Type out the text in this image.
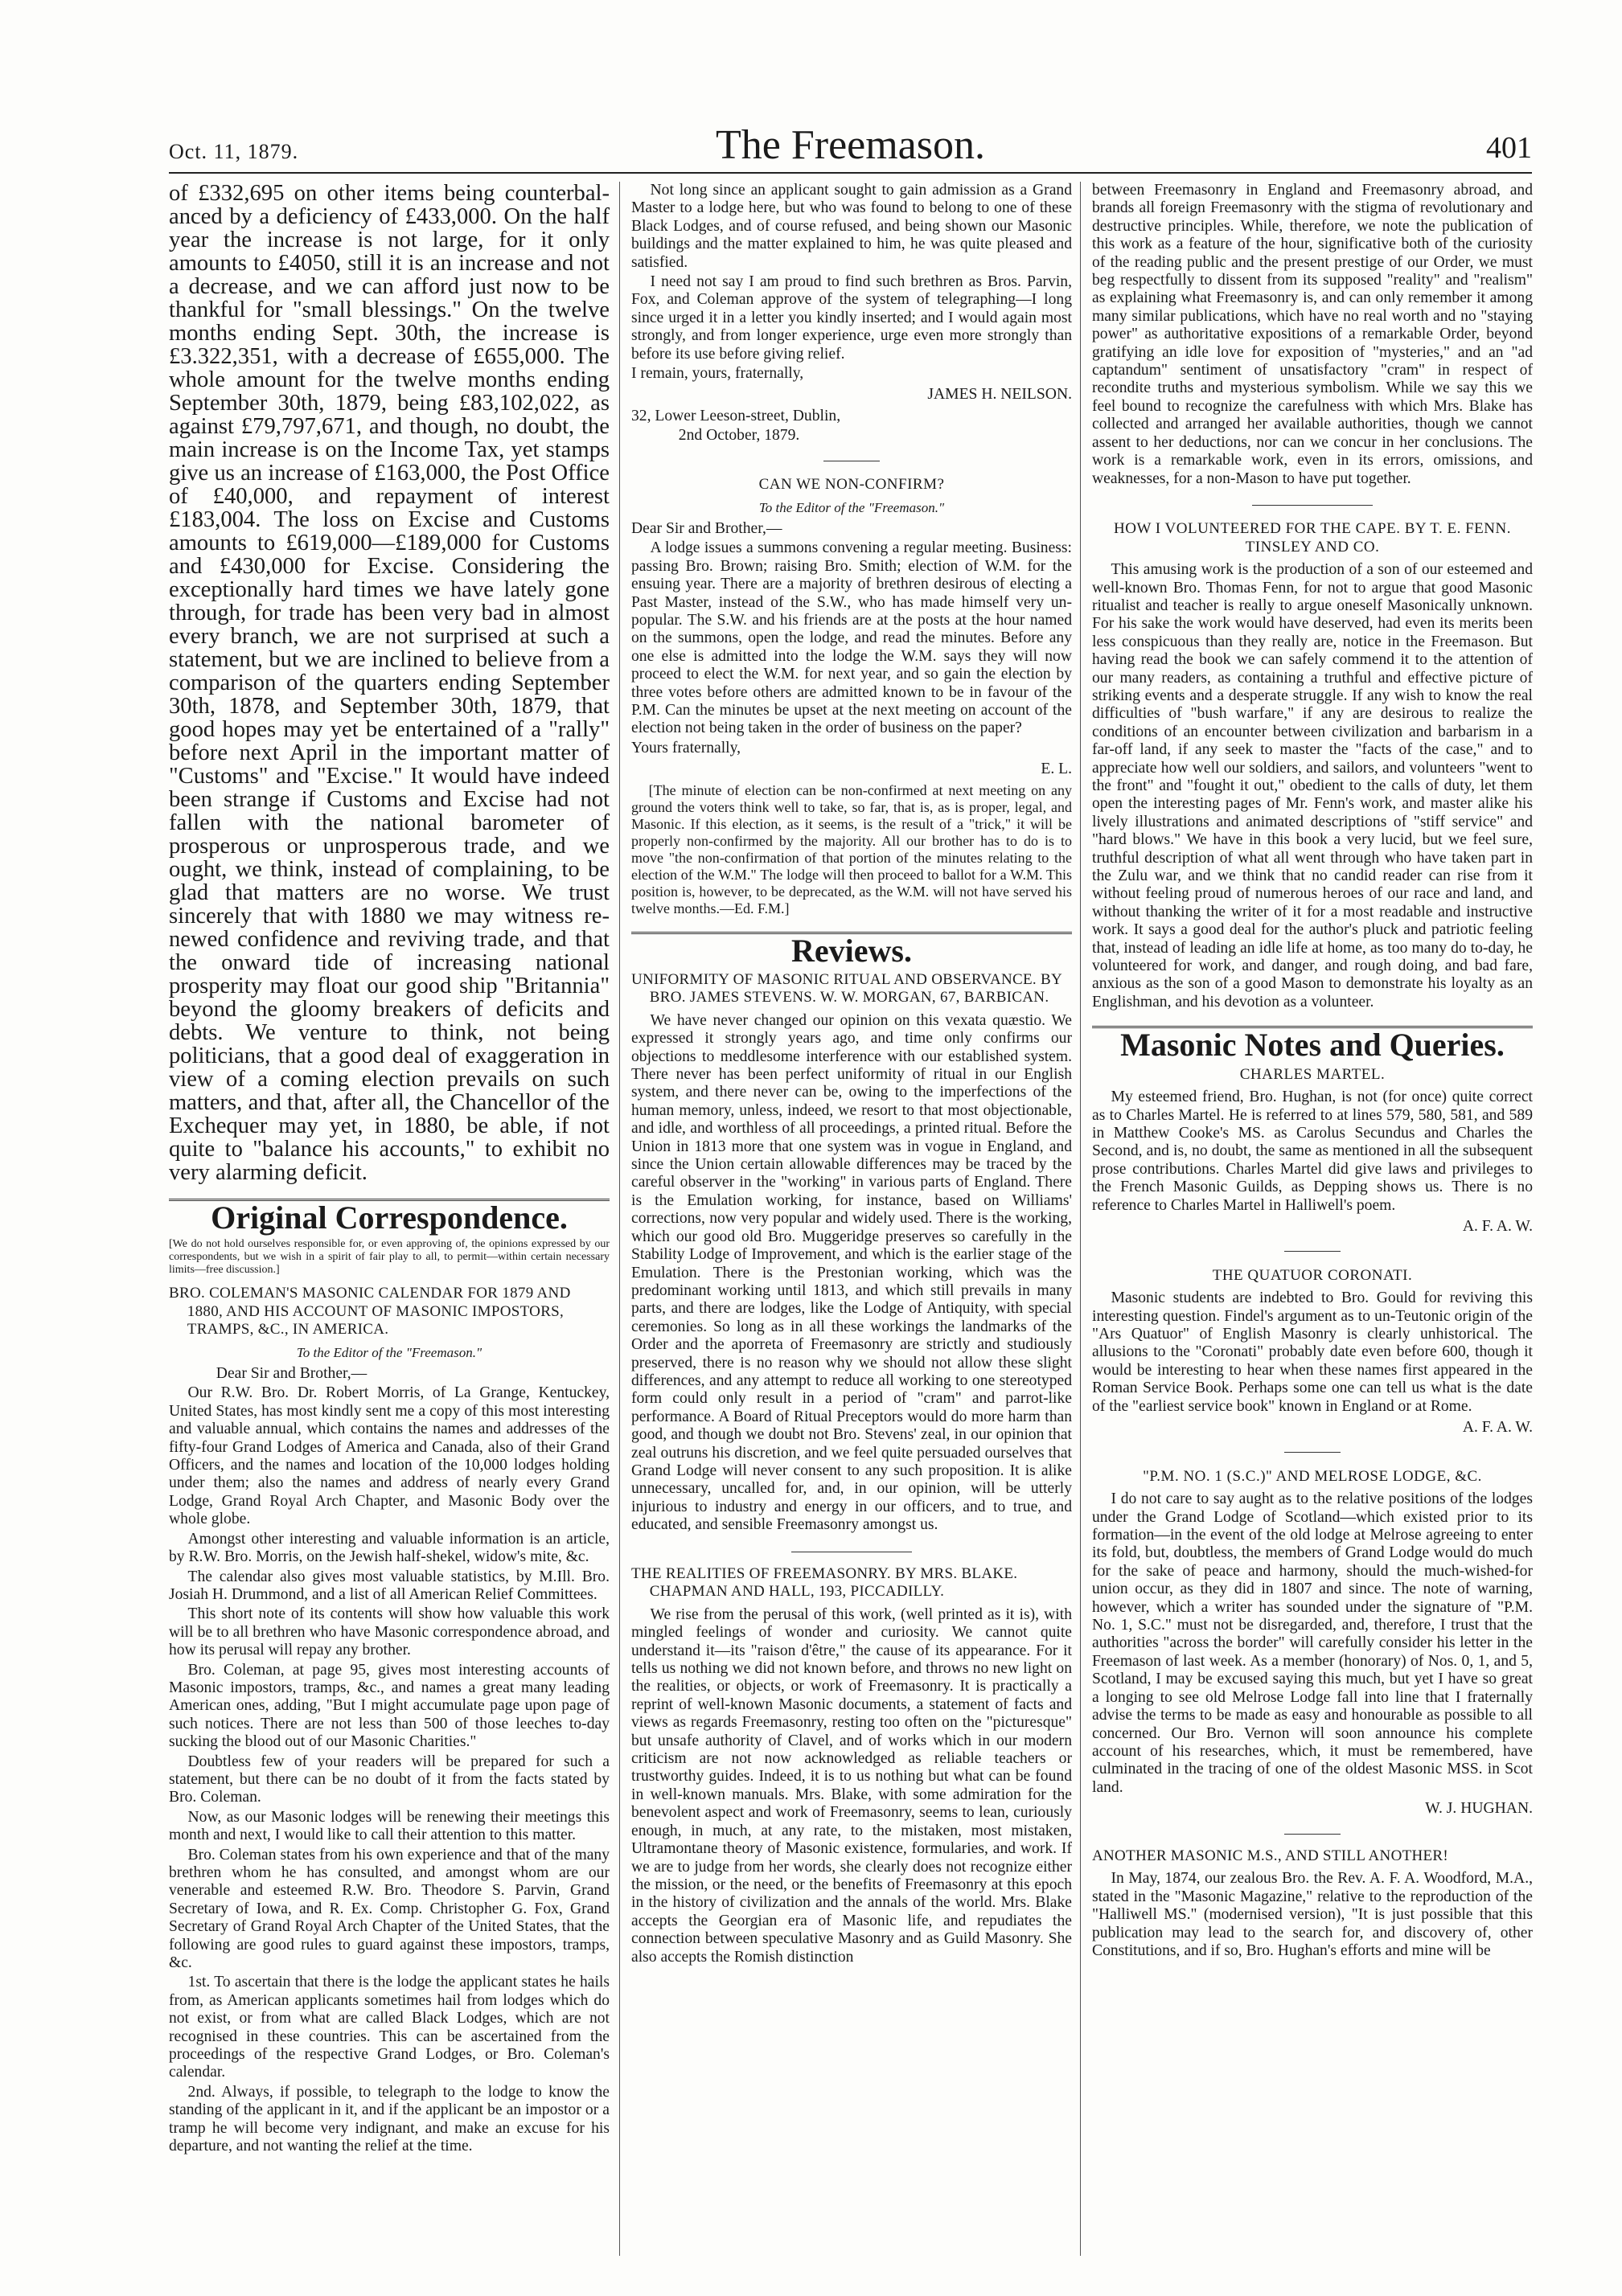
Oct. 11, 1879.	The Freemason.	401

of £332,695 on other items being counterbalanced by a deficiency of £433,000. On the half year the increase is not large, for it only amounts to £4050, still it is an increase and not a decrease, and we can afford just now to be thankful for "small blessings." On the twelve months ending Sept. 30th, the increase is £3.322,351, with a decrease of £655,000. The whole amount for the twelve months ending September 30th, 1879, being £83,102,022, as against £79,797,671, and though, no doubt, the main increase is on the Income Tax, yet stamps give us an increase of £163,000, the Post Office of £40,000, and repayment of interest £183,004. The loss on Excise and Customs amounts to £619,000—£189,000 for Customs and £430,000 for Excise. Considering the exceptionally hard times we have lately gone through, for trade has been very bad in almost every branch, we are not surprised at such a statement, but we are inclined to believe from a comparison of the quarters ending September 30th, 1878, and September 30th, 1879, that good hopes may yet be entertained of a "rally" before next April in the important matter of "Customs" and "Excise." It would have indeed been strange if Customs and Excise had not fallen with the national barometer of prosperous or unprosperous trade, and we ought, we think, instead of complaining, to be glad that matters are no worse. We trust sincerely that with 1880 we may witness renewed confidence and reviving trade, and that the onward tide of increasing national prosperity may float our good ship "Britannia" beyond the gloomy breakers of deficits and debts. We venture to think, not being politicians, that a good deal of exaggeration in view of a coming election prevails on such matters, and that, after all, the Chancellor of the Exchequer may yet, in 1880, be able, if not quite to "balance his accounts," to exhibit no very alarming deficit.

Original Correspondence.
[We do not hold ourselves responsible for, or even approving of, the opinions expressed by our correspondents, but we wish in a spirit of fair play to all, to permit—within certain necessary limits—free discussion.]
BRO. COLEMAN'S MASONIC CALENDAR FOR 1879 AND 1880, AND HIS ACCOUNT OF MASONIC IMPOSTORS, TRAMPS, &C., IN AMERICA.
To the Editor of the "Freemason."

Dear Sir and Brother,—

Our R.W. Bro. Dr. Robert Morris, of La Grange, Kentuckey, United States, has most kindly sent me a copy of this most interesting and valuable annual, which contains the names and addresses of the fifty-four Grand Lodges of America and Canada, also of their Grand Officers, and the names and location of the 10,000 lodges holding under them; also the names and address of nearly every Grand Lodge, Grand Royal Arch Chapter, and Masonic Body over the whole globe.

Amongst other interesting and valuable information is an article, by R.W. Bro. Morris, on the Jewish half-shekel, widow's mite, &c.

The calendar also gives most valuable statistics, by M.Ill. Bro. Josiah H. Drummond, and a list of all American Relief Committees.

This short note of its contents will show how valuable this work will be to all brethren who have Masonic correspondence abroad, and how its perusal will repay any brother.

Bro. Coleman, at page 95, gives most interesting accounts of Masonic impostors, tramps, &c., and names a great many leading American ones, adding, "But I might accumulate page upon page of such notices. There are not less than 500 of those leeches to-day sucking the blood out of our Masonic Charities."

Doubtless few of your readers will be prepared for such a statement, but there can be no doubt of it from the facts stated by Bro. Coleman.

Now, as our Masonic lodges will be renewing their meetings this month and next, I would like to call their attention to this matter.

Bro. Coleman states from his own experience and that of the many brethren whom he has consulted, and amongst whom are our venerable and esteemed R.W. Bro. Theodore S. Parvin, Grand Secretary of Iowa, and R. Ex. Comp. Christopher G. Fox, Grand Secretary of Grand Royal Arch Chapter of the United States, that the following are good rules to guard against these impostors, tramps, &c.

1st. To ascertain that there is the lodge the applicant states he hails from, as American applicants sometimes hail from lodges which do not exist, or from what are called Black Lodges, which are not recognised in these countries. This can be ascertained from the proceedings of the respective Grand Lodges, or Bro. Coleman's calendar.

2nd. Always, if possible, to telegraph to the lodge to know the standing of the applicant in it, and if the applicant be an impostor or a tramp he will become very indignant, and make an excuse for his departure, and not wanting the relief at the time.

Not long since an applicant sought to gain admission as a Grand Master to a lodge here, but who was found to belong to one of these Black Lodges, and of course refused, and being shown our Masonic buildings and the matter explained to him, he was quite pleased and satisfied.

I need not say I am proud to find such brethren as Bros. Parvin, Fox, and Coleman approve of the system of telegraphing—I long since urged it in a letter you kindly inserted; and I would again most strongly, and from longer experience, urge even more strongly than before its use before giving relief.

I remain, yours, fraternally,

JAMES H. NEILSON.

32, Lower Leeson-street, Dublin,

2nd October, 1879.

CAN WE NON-CONFIRM?
To the Editor of the "Freemason."

Dear Sir and Brother,—

A lodge issues a summons convening a regular meeting. Business: passing Bro. Brown; raising Bro. Smith; election of W.M. for the ensuing year. There are a majority of brethren desirous of electing a Past Master, instead of the S.W., who has made himself very unpopular. The S.W. and his friends are at the posts at the hour named on the summons, open the lodge, and read the minutes. Before any one else is admitted into the lodge the W.M. says they will now proceed to elect the W.M. for next year, and so gain the election by three votes before others are admitted known to be in favour of the P.M. Can the minutes be upset at the next meeting on account of the election not being taken in the order of business on the paper?

Yours fraternally,

E. L.

[The minute of election can be non-confirmed at next meeting on any ground the voters think well to take, so far, that is, as is proper, legal, and Masonic. If this election, as it seems, is the result of a "trick," it will be properly non-confirmed by the majority. All our brother has to do is to move "the non-confirmation of that portion of the minutes relating to the election of the W.M." The lodge will then proceed to ballot for a W.M. This position is, however, to be deprecated, as the W.M. will not have served his twelve months.—Ed. F.M.]

Reviews.
UNIFORMITY OF MASONIC RITUAL AND OBSERVANCE. BY BRO. JAMES STEVENS. W. W. MORGAN, 67, BARBICAN.

We have never changed our opinion on this vexata quæstio. We expressed it strongly years ago, and time only confirms our objections to meddlesome interference with our established system. There never has been perfect uniformity of ritual in our English system, and there never can be, owing to the imperfections of the human memory, unless, indeed, we resort to that most objectionable, and idle, and worthless of all proceedings, a printed ritual. Before the Union in 1813 more that one system was in vogue in England, and since the Union certain allowable differences may be traced by the careful observer in the "working" in various parts of England. There is the Emulation working, for instance, based on Williams' corrections, now very popular and widely used. There is the working, which our good old Bro. Muggeridge preserves so carefully in the Stability Lodge of Improvement, and which is the earlier stage of the Emulation. There is the Prestonian working, which was the predominant working until 1813, and which still prevails in many parts, and there are lodges, like the Lodge of Antiquity, with special ceremonies. So long as in all these workings the landmarks of the Order and the aporreta of Freemasonry are strictly and studiously preserved, there is no reason why we should not allow these slight differences, and any attempt to reduce all working to one stereotyped form could only result in a period of "cram" and parrot-like performance. A Board of Ritual Preceptors would do more harm than good, and though we doubt not Bro. Stevens' zeal, in our opinion that zeal outruns his discretion, and we feel quite persuaded ourselves that Grand Lodge will never consent to any such proposition. It is alike unnecessary, uncalled for, and, in our opinion, will be utterly injurious to industry and energy in our officers, and to true, and educated, and sensible Freemasonry amongst us.

THE REALITIES OF FREEMASONRY. BY MRS. BLAKE. CHAPMAN AND HALL, 193, PICCADILLY.

We rise from the perusal of this work, (well printed as it is), with mingled feelings of wonder and curiosity. We cannot quite understand it—its "raison d'être," the cause of its appearance. For it tells us nothing we did not known before, and throws no new light on the realities, or objects, or work of Freemasonry. It is practically a reprint of well-known Masonic documents, a statement of facts and views as regards Freemasonry, resting too often on the "picturesque" but unsafe authority of Clavel, and of works which in our modern criticism are not now acknowledged as reliable teachers or trustworthy guides. Indeed, it is to us nothing but what can be found in well-known manuals. Mrs. Blake, with some admiration for the benevolent aspect and work of Freemasonry, seems to lean, curiously enough, in much, at any rate, to the mistaken, most mistaken, Ultramontane theory of Masonic existence, formularies, and work. If we are to judge from her words, she clearly does not recognize either the mission, or the need, or the benefits of Freemasonry at this epoch in the history of civilization and the annals of the world. Mrs. Blake accepts the Georgian era of Masonic life, and repudiates the connection between speculative Masonry and as Guild Masonry. She also accepts the Romish distinction

between Freemasonry in England and Freemasonry abroad, and brands all foreign Freemasonry with the stigma of revolutionary and destructive principles. While, therefore, we note the publication of this work as a feature of the hour, significative both of the curiosity of the reading public and the present prestige of our Order, we must beg respectfully to dissent from its supposed "reality" and "realism" as explaining what Freemasonry is, and can only remember it among many similar publications, which have no real worth and no "staying power" as authoritative expositions of a remarkable Order, beyond gratifying an idle love for exposition of "mysteries," and an "ad captandum" sentiment of unsatisfactory "cram" in respect of recondite truths and mysterious symbolism. While we say this we feel bound to recognize the carefulness with which Mrs. Blake has collected and arranged her available authorities, though we cannot assent to her deductions, nor can we concur in her conclusions. The work is a remarkable work, even in its errors, omissions, and weaknesses, for a non-Mason to have put together.

HOW I VOLUNTEERED FOR THE CAPE. BY T. E. FENN. TINSLEY AND CO.

This amusing work is the production of a son of our esteemed and well-known Bro. Thomas Fenn, for not to argue that good Masonic ritualist and teacher is really to argue oneself Masonically unknown. For his sake the work would have deserved, had even its merits been less conspicuous than they really are, notice in the Freemason. But having read the book we can safely commend it to the attention of our many readers, as containing a truthful and effective picture of striking events and a desperate struggle. If any wish to know the real difficulties of "bush warfare," if any are desirous to realize the conditions of an encounter between civilization and barbarism in a far-off land, if any seek to master the "facts of the case," and to appreciate how well our soldiers, and sailors, and volunteers "went to the front" and "fought it out," obedient to the calls of duty, let them open the interesting pages of Mr. Fenn's work, and master alike his lively illustrations and animated descriptions of "stiff service" and "hard blows." We have in this book a very lucid, but we feel sure, truthful description of what all went through who have taken part in the Zulu war, and we think that no candid reader can rise from it without feeling proud of numerous heroes of our race and land, and without thanking the writer of it for a most readable and instructive work. It says a good deal for the author's pluck and patriotic feeling that, instead of leading an idle life at home, as too many do to-day, he volunteered for work, and danger, and rough doing, and bad fare, anxious as the son of a good Mason to demonstrate his loyalty as an Englishman, and his devotion as a volunteer.

Masonic Notes and Queries.
CHARLES MARTEL.

My esteemed friend, Bro. Hughan, is not (for once) quite correct as to Charles Martel. He is referred to at lines 579, 580, 581, and 589 in Matthew Cooke's MS. as Carolus Secundus and Charles the Second, and is, no doubt, the same as mentioned in all the subsequent prose contributions. Charles Martel did give laws and privileges to the French Masonic Guilds, as Depping shows us. There is no reference to Charles Martel in Halliwell's poem.

A. F. A. W.
THE QUATUOR CORONATI.

Masonic students are indebted to Bro. Gould for reviving this interesting question. Findel's argument as to un-Teutonic origin of the "Ars Quatuor" of English Masonry is clearly unhistorical. The allusions to the "Coronati" probably date even before 600, though it would be interesting to hear when these names first appeared in the Roman Service Book. Perhaps some one can tell us what is the date of the "earliest service book" known in England or at Rome.

A. F. A. W.
"P.M. NO. 1 (S.C.)" AND MELROSE LODGE, &C.

I do not care to say aught as to the relative positions of the lodges under the Grand Lodge of Scotland—which existed prior to its formation—in the event of the old lodge at Melrose agreeing to enter its fold, but, doubtless, the members of Grand Lodge would do much for the sake of peace and harmony, should the much-wished-for union occur, as they did in 1807 and since. The note of warning, however, which a writer has sounded under the signature of "P.M. No. 1, S.C." must not be disregarded, and, therefore, I trust that the authorities "across the border" will carefully consider his letter in the Freemason of last week. As a member (honorary) of Nos. 0, 1, and 5, Scotland, I may be excused saying this much, but yet I have so great a longing to see old Melrose Lodge fall into line that I fraternally advise the terms to be made as easy and honourable as possible to all concerned. Our Bro. Vernon will soon announce his complete account of his researches, which, it must be remembered, have culminated in the tracing of one of the oldest Masonic MSS. in Scot land.

W. J. HUGHAN.
ANOTHER MASONIC M.S., AND STILL ANOTHER!

In May, 1874, our zealous Bro. the Rev. A. F. A. Woodford, M.A., stated in the "Masonic Magazine," relative to the reproduction of the "Halliwell MS." (modernised version), "It is just possible that this publication may lead to the search for, and discovery of, other Constitutions, and if so, Bro. Hughan's efforts and mine will be
